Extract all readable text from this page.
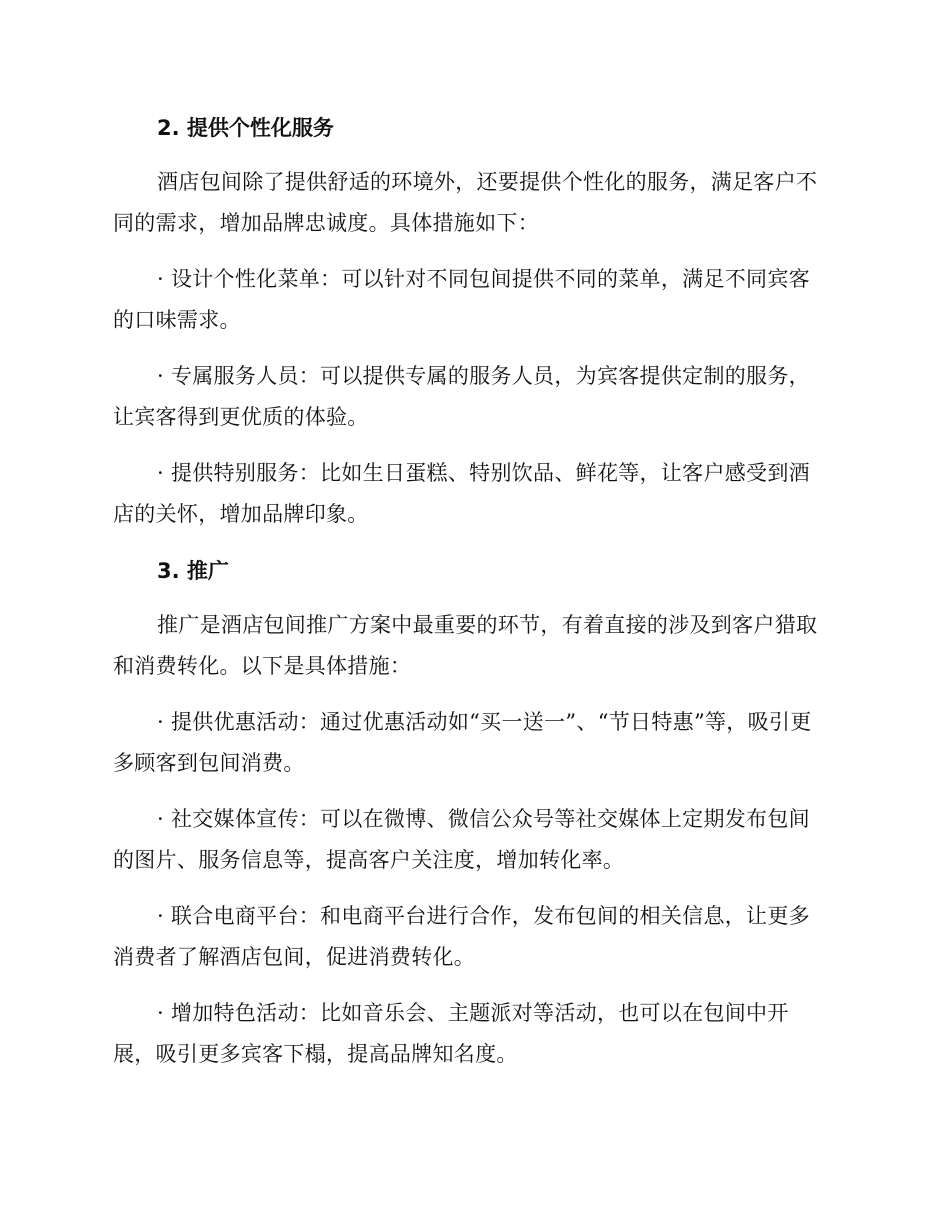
2. 提供个性化服务
酒店包间除了提供舒适的环境外，还要提供个性化的服务，满足客户不同的需求，增加品牌忠诚度。具体措施如下：
· 设计个性化菜单：可以针对不同包间提供不同的菜单，满足不同宾客的口味需求。
· 专属服务人员：可以提供专属的服务人员，为宾客提供定制的服务，让宾客得到更优质的体验。
· 提供特别服务：比如生日蛋糕、特别饮品、鲜花等，让客户感受到酒店的关怀，增加品牌印象。
3. 推广
推广是酒店包间推广方案中最重要的环节，有着直接的涉及到客户猎取和消费转化。以下是具体措施：
· 提供优惠活动：通过优惠活动如“买一送一”、“节日特惠”等，吸引更多顾客到包间消费。
· 社交媒体宣传：可以在微博、微信公众号等社交媒体上定期发布包间的图片、服务信息等，提高客户关注度，增加转化率。
· 联合电商平台：和电商平台进行合作，发布包间的相关信息，让更多消费者了解酒店包间，促进消费转化。
· 增加特色活动：比如音乐会、主题派对等活动，也可以在包间中开展，吸引更多宾客下榻，提高品牌知名度。
